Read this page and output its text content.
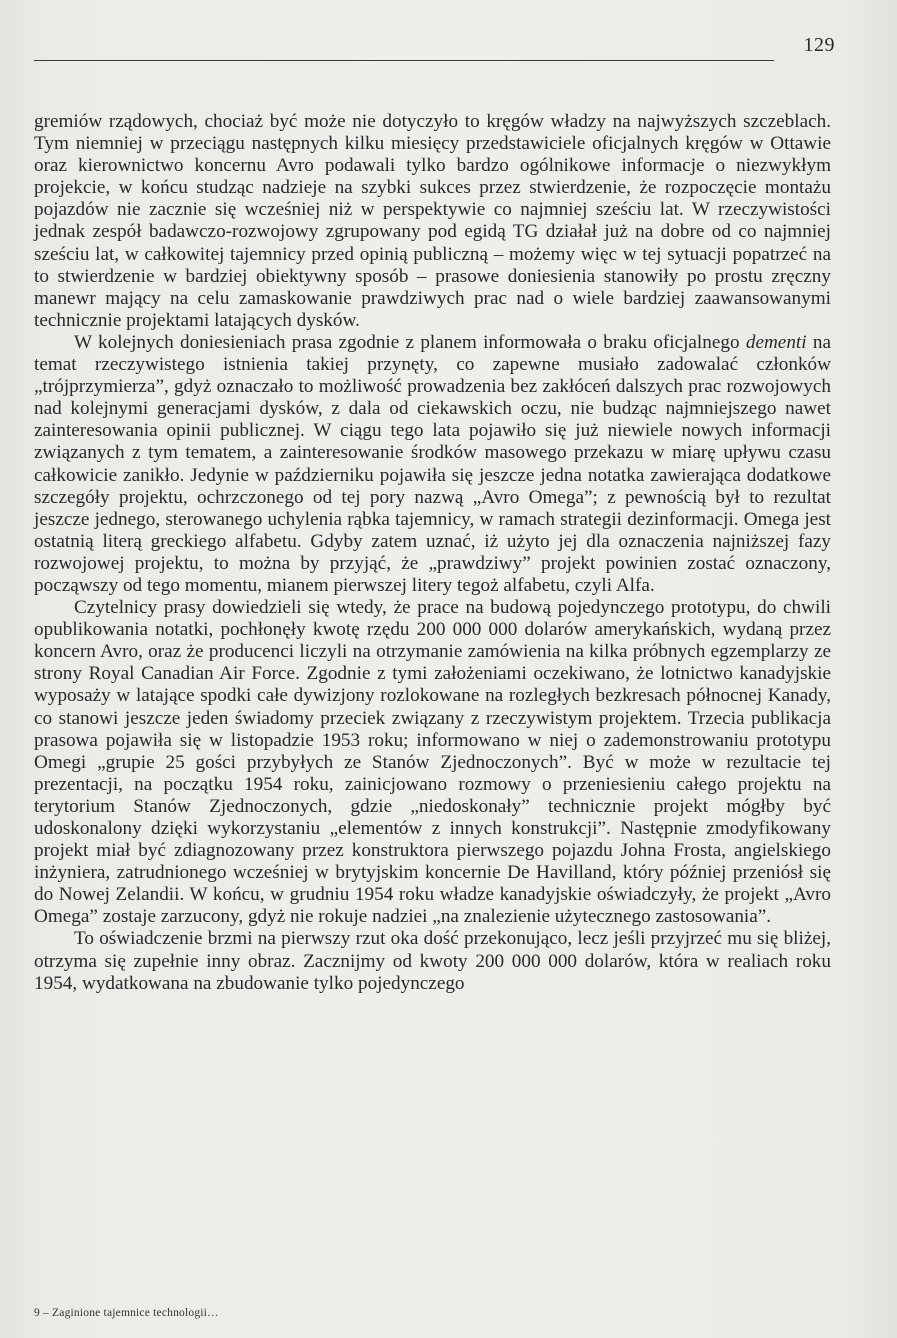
129

gremiów rządowych, chociaż być może nie dotyczyło to kręgów władzy na najwyższych szczeblach. Tym niemniej w przeciągu następnych kilku miesięcy przedstawiciele oficjalnych kręgów w Ottawie oraz kierownictwo koncernu Avro podawali tylko bardzo ogólnikowe informacje o niezwykłym projekcie, w końcu studząc nadzieje na szybki sukces przez stwierdzenie, że rozpoczęcie montażu pojazdów nie zacznie się wcześniej niż w perspektywie co najmniej sześciu lat. W rzeczywistości jednak zespół badawczo-rozwojowy zgrupowany pod egidą TG działał już na dobre od co najmniej sześciu lat, w całkowitej tajemnicy przed opinią publiczną – możemy więc w tej sytuacji popatrzeć na to stwierdzenie w bardziej obiektywny sposób – prasowe doniesienia stanowiły po prostu zręczny manewr mający na celu zamaskowanie prawdziwych prac nad o wiele bardziej zaawansowanymi technicznie projektami latających dysków.

W kolejnych doniesieniach prasa zgodnie z planem informowała o braku oficjalnego dementi na temat rzeczywistego istnienia takiej przynęty, co zapewne musiało zadowalać członków „trójprzymierza”, gdyż oznaczało to możliwość prowadzenia bez zakłóceń dalszych prac rozwojowych nad kolejnymi generacjami dysków, z dala od ciekawskich oczu, nie budząc najmniejszego nawet zainteresowania opinii publicznej. W ciągu tego lata pojawiło się już niewiele nowych informacji związanych z tym tematem, a zainteresowanie środków masowego przekazu w miarę upływu czasu całkowicie zanikło. Jedynie w październiku pojawiła się jeszcze jedna notatka zawierająca dodatkowe szczegóły projektu, ochrzczonego od tej pory nazwą „Avro Omega”; z pewnością był to rezultat jeszcze jednego, sterowanego uchylenia rąbka tajemnicy, w ramach strategii dezinformacji. Omega jest ostatnią literą greckiego alfabetu. Gdyby zatem uznać, iż użyto jej dla oznaczenia najniższej fazy rozwojowej projektu, to można by przyjąć, że „prawdziwy” projekt powinien zostać oznaczony, począwszy od tego momentu, mianem pierwszej litery tegoż alfabetu, czyli Alfa.

Czytelnicy prasy dowiedzieli się wtedy, że prace na budową pojedynczego prototypu, do chwili opublikowania notatki, pochłonęły kwotę rzędu 200 000 000 dolarów amerykańskich, wydaną przez koncern Avro, oraz że producenci liczyli na otrzymanie zamówienia na kilka próbnych egzemplarzy ze strony Royal Canadian Air Force. Zgodnie z tymi założeniami oczekiwano, że lotnictwo kanadyjskie wyposaży w latające spodki całe dywizjony rozlokowane na rozległych bezkresach północnej Kanady, co stanowi jeszcze jeden świadomy przeciek związany z rzeczywistym projektem. Trzecia publikacja prasowa pojawiła się w listopadzie 1953 roku; informowano w niej o zademonstrowaniu prototypu Omegi „grupie 25 gości przybyłych ze Stanów Zjednoczonych”. Być w może w rezultacie tej prezentacji, na początku 1954 roku, zainicjowano rozmowy o przeniesieniu całego projektu na terytorium Stanów Zjednoczonych, gdzie „niedoskonały” technicznie projekt mógłby być udoskonalony dzięki wykorzystaniu „elementów z innych konstrukcji”. Następnie zmodyfikowany projekt miał być zdiagnozowany przez konstruktora pierwszego pojazdu Johna Frosta, angielskiego inżyniera, zatrudnionego wcześniej w brytyjskim koncernie De Havilland, który później przeniósł się do Nowej Zelandii. W końcu, w grudniu 1954 roku władze kanadyjskie oświadczyły, że projekt „Avro Omega” zostaje zarzucony, gdyż nie rokuje nadziei „na znalezienie użytecznego zastosowania”.

To oświadczenie brzmi na pierwszy rzut oka dość przekonująco, lecz jeśli przyjrzeć mu się bliżej, otrzyma się zupełnie inny obraz. Zacznijmy od kwoty 200 000 000 dolarów, która w realiach roku 1954, wydatkowana na zbudowanie tylko pojedynczego

9 – Zaginione tajemnice technologii…
